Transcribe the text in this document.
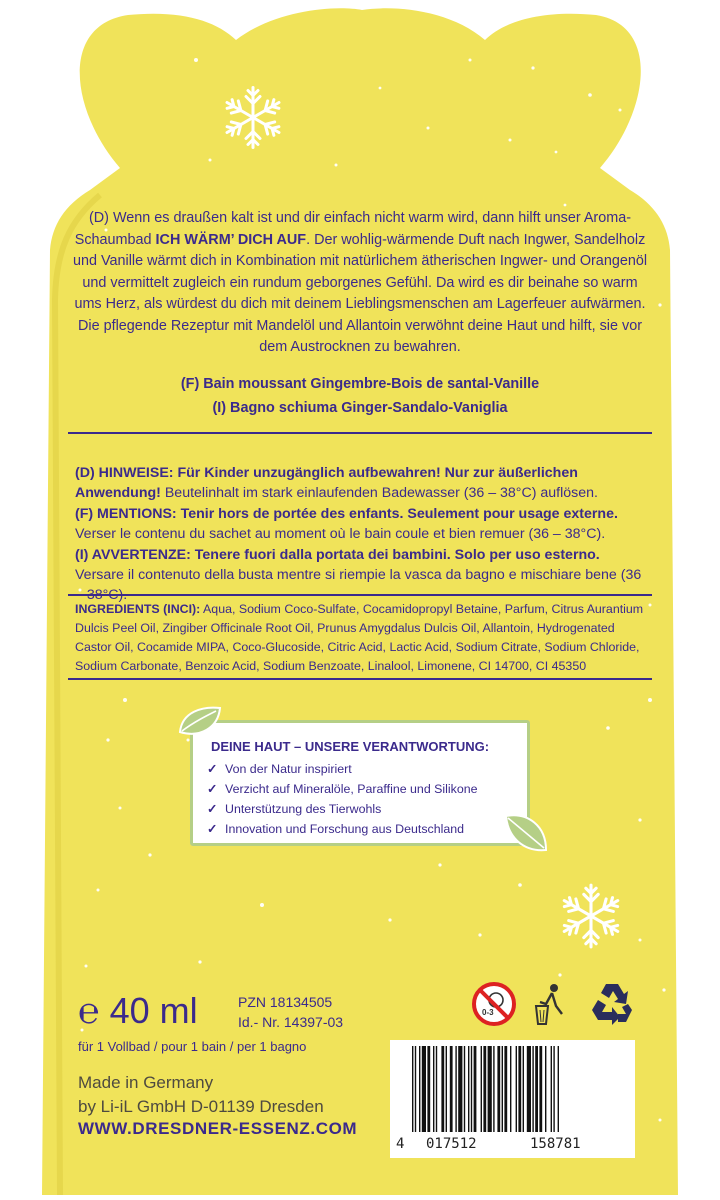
(D) Wenn es draußen kalt ist und dir einfach nicht warm wird, dann hilft unser Aroma-Schaumbad ICH WÄRM’ DICH AUF. Der wohlig-wärmende Duft nach Ingwer, Sandelholz und Vanille wärmt dich in Kombination mit natürlichem ätherischen Ingwer- und Orangenöl und vermittelt zugleich ein rundum geborgenes Gefühl. Da wird es dir beinahe so warm ums Herz, als würdest du dich mit deinem Lieblingsmenschen am Lagerfeuer aufwärmen. Die pflegende Rezeptur mit Mandelöl und Allantoin verwöhnt deine Haut und hilft, sie vor dem Austrocknen zu bewahren.
(F) Bain moussant Gingembre-Bois de santal-Vanille
(I) Bagno schiuma Ginger-Sandalo-Vaniglia
(D) HINWEISE: Für Kinder unzugänglich aufbewahren! Nur zur äußerlichen Anwendung! Beutelinhalt im stark einlaufenden Badewasser (36 – 38°C) auflösen.
(F) MENTIONS: Tenir hors de portée des enfants. Seulement pour usage externe.
Verser le contenu du sachet au moment où le bain coule et bien remuer (36 – 38°C).
(I) AVVERTENZE: Tenere fuori dalla portata dei bambini. Solo per uso esterno.
Versare il contenuto della busta mentre si riempie la vasca da bagno e mischiare bene (36
INGREDIENTS (INCI): Aqua, Sodium Coco-Sulfate, Cocamidopropyl Betaine, Parfum, Citrus Aurantium Dulcis Peel Oil, Zingiber Officinale Root Oil, Prunus Amygdalus Dulcis Oil, Allantoin, Hydrogenated Castor Oil, Cocamide MIPA, Coco-Glucoside, Citric Acid, Lactic Acid, Sodium Citrate, Sodium Chloride, Sodium Carbonate, Benzoic Acid, Sodium Benzoate, Linalool, Limonene, CI 14700, CI 45350
DEINE HAUT – UNSERE VERANTWORTUNG:
✓ Von der Natur inspiriert
✓ Verzicht auf Mineralöle, Paraffine und Silikone
✓ Unterstützung des Tierwohls
✓ Innovation und Forschung aus Deutschland
℮ 40 ml	PZN 18134505
Id.- Nr. 14397-03
für 1 Vollbad / pour 1 bain / per 1 bagno
Made in Germany
by Li-iL GmbH D-01139 Dresden
WWW.DRESDNER-ESSENZ.COM
0-3
4 017512	158781
